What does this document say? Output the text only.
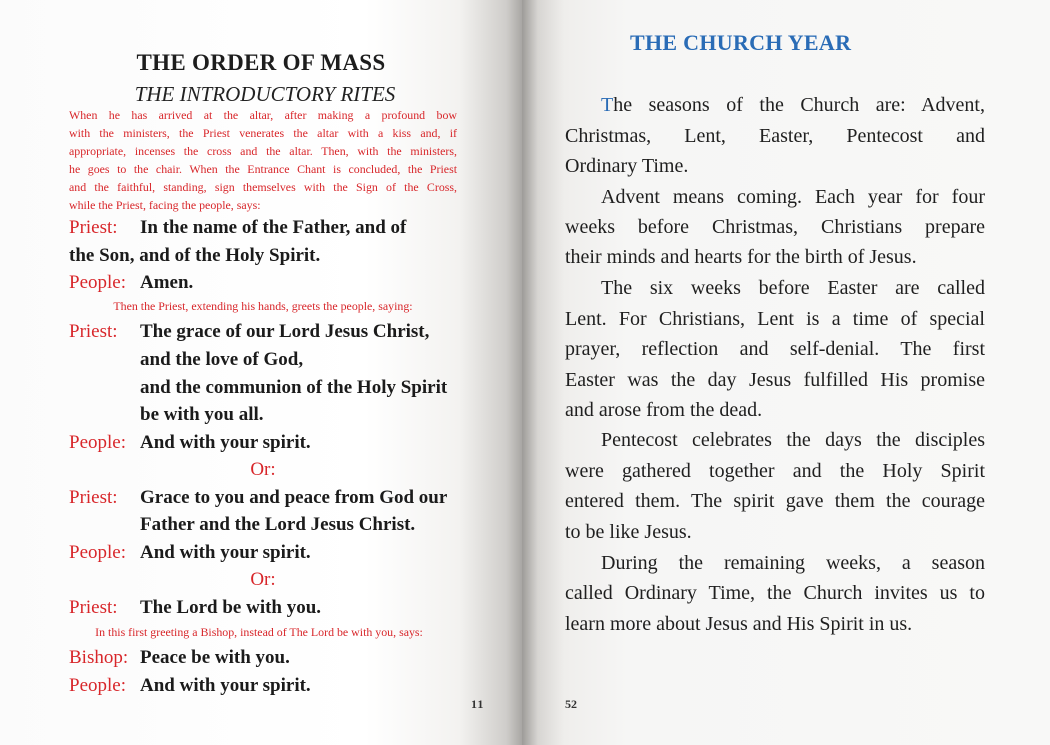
THE ORDER OF MASS
THE INTRODUCTORY RITES
When he has arrived at the altar, after making a profound bow
with the ministers, the Priest venerates the altar with a kiss and, if
appropriate, incenses the cross and the altar. Then, with the ministers,
he goes to the chair. When the Entrance Chant is concluded, the Priest
and the faithful, standing, sign themselves with the Sign of the Cross,
while the Priest, facing the people, says:
Priest: In the name of the Father, and of
the Son, and of the Holy Spirit.
People: Amen.
Then the Priest, extending his hands, greets the people, saying:
Priest: The grace of our Lord Jesus Christ,
and the love of God,
and the communion of the Holy Spirit
be with you all.
People: And with your spirit.
Or:
Priest: Grace to you and peace from God our
Father and the Lord Jesus Christ.
People: And with your spirit.
Or:
Priest: The Lord be with you.
In this first greeting a Bishop, instead of The Lord be with you, says:
Bishop: Peace be with you.
People: And with your spirit.
11
THE CHURCH YEAR
The seasons of the Church are: Advent,
Christmas, Lent, Easter, Pentecost and
Ordinary Time.
Advent means coming. Each year for four
weeks before Christmas, Christians prepare
their minds and hearts for the birth of Jesus.
The six weeks before Easter are called
Lent. For Christians, Lent is a time of special
prayer, reflection and self-denial. The first
Easter was the day Jesus fulfilled His promise
and arose from the dead.
Pentecost celebrates the days the disciples
were gathered together and the Holy Spirit
entered them. The spirit gave them the courage
to be like Jesus.
During the remaining weeks, a season
called Ordinary Time, the Church invites us to
learn more about Jesus and His Spirit in us.
52
